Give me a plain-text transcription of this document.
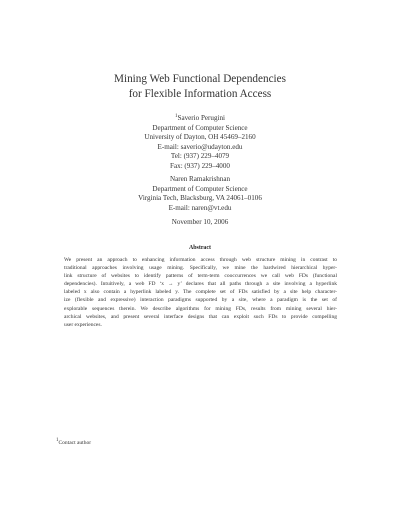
Mining Web Functional Dependencies
for Flexible Information Access
$^1$Saverio Perugini
Department of Computer Science
University of Dayton, OH 45469–2160
E-mail: saverio@udayton.edu
Tel: (937) 229–4079
Fax: (937) 229–4000
Naren Ramakrishnan
Department of Computer Science
Virginia Tech, Blacksburg, VA 24061–0106
E-mail: naren@vt.edu
November 10, 2006
Abstract
We present an approach to enhancing information access through web structure mining in contrast to
traditional approaches involving usage mining. Specifically, we mine the hardwired hierarchical hyper-
link structure of websites to identify patterns of term-term cooccurrences we call web FDs (functional
dependencies). Intuitively, a web FD ‘x → y’ declares that all paths through a site involving a hyperlink
labeled x also contain a hyperlink labeled y. The complete set of FDs satisfied by a site help character-
ize (flexible and expressive) interaction paradigms supported by a site, where a paradigm is the set of
explorable sequences therein. We describe algorithms for mining FDs, results from mining several hier-
archical websites, and present several interface designs that can exploit such FDs to provide compelling
user experiences.
1Contact author
